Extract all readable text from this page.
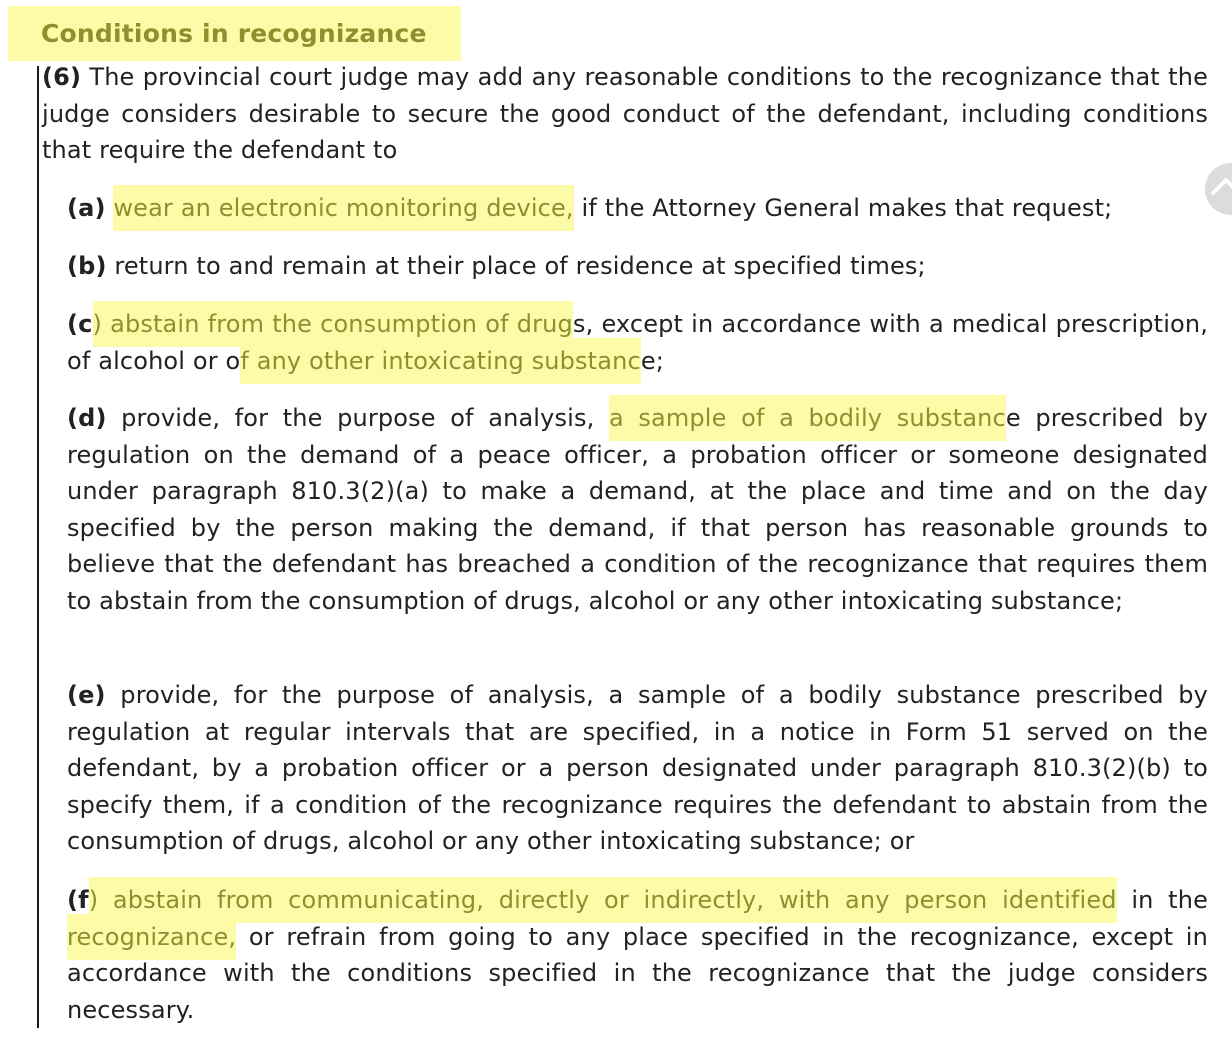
Conditions in recognizance
(6) The provincial court judge may add any reasonable conditions to the recognizance that the judge considers desirable to secure the good conduct of the defendant, including conditions that require the defendant to
(a) wear an electronic monitoring device, if the Attorney General makes that request;
(b) return to and remain at their place of residence at specified times;
(c) abstain from the consumption of drugs, except in accordance with a medical prescription, of alcohol or of any other intoxicating substance;
(d) provide, for the purpose of analysis, a sample of a bodily substance prescribed by regulation on the demand of a peace officer, a probation officer or someone designated under paragraph 810.3(2)(a) to make a demand, at the place and time and on the day specified by the person making the demand, if that person has reasonable grounds to believe that the defendant has breached a condition of the recognizance that requires them to abstain from the consumption of drugs, alcohol or any other intoxicating substance;
(e) provide, for the purpose of analysis, a sample of a bodily substance prescribed by regulation at regular intervals that are specified, in a notice in Form 51 served on the defendant, by a probation officer or a person designated under paragraph 810.3(2)(b) to specify them, if a condition of the recognizance requires the defendant to abstain from the consumption of drugs, alcohol or any other intoxicating substance; or
(f) abstain from communicating, directly or indirectly, with any person identified in the recognizance, or refrain from going to any place specified in the recognizance, except in accordance with the conditions specified in the recognizance that the judge considers necessary.
